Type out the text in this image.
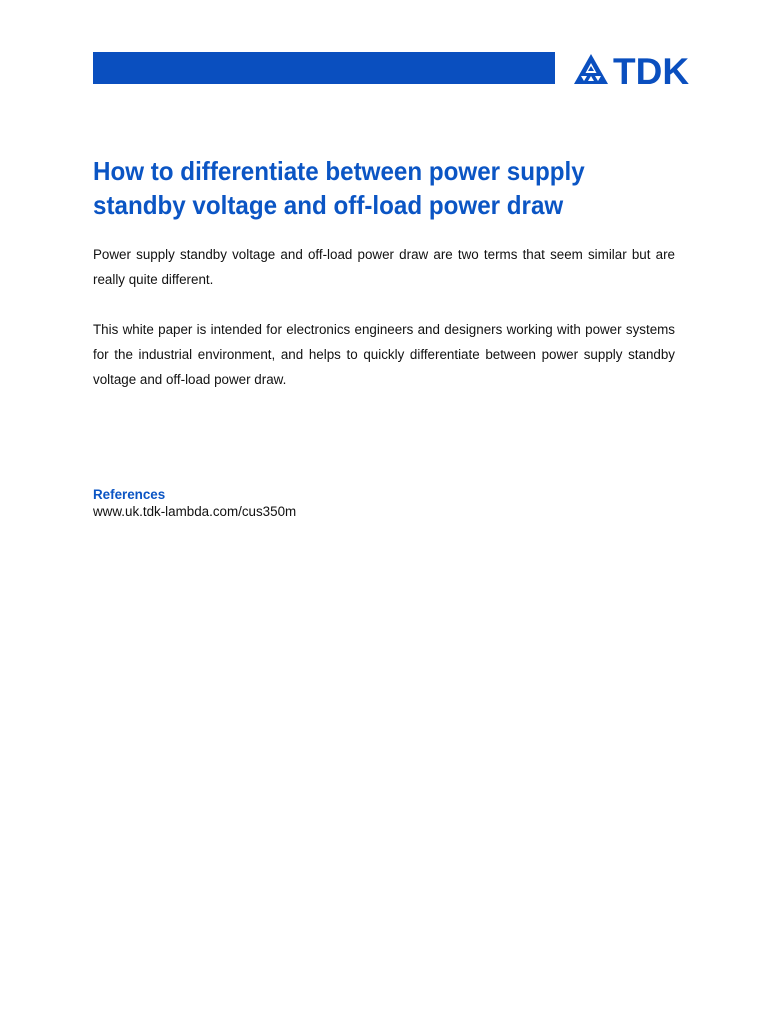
TDK
How to differentiate between power supply
standby voltage and off-load power draw

Power supply standby voltage and off-load power draw are two terms that seem similar but are really quite different.

This white paper is intended for electronics engineers and designers working with power systems for the industrial environment, and helps to quickly differentiate between power supply standby voltage and off-load power draw.

References
www.uk.tdk-lambda.com/cus350m
